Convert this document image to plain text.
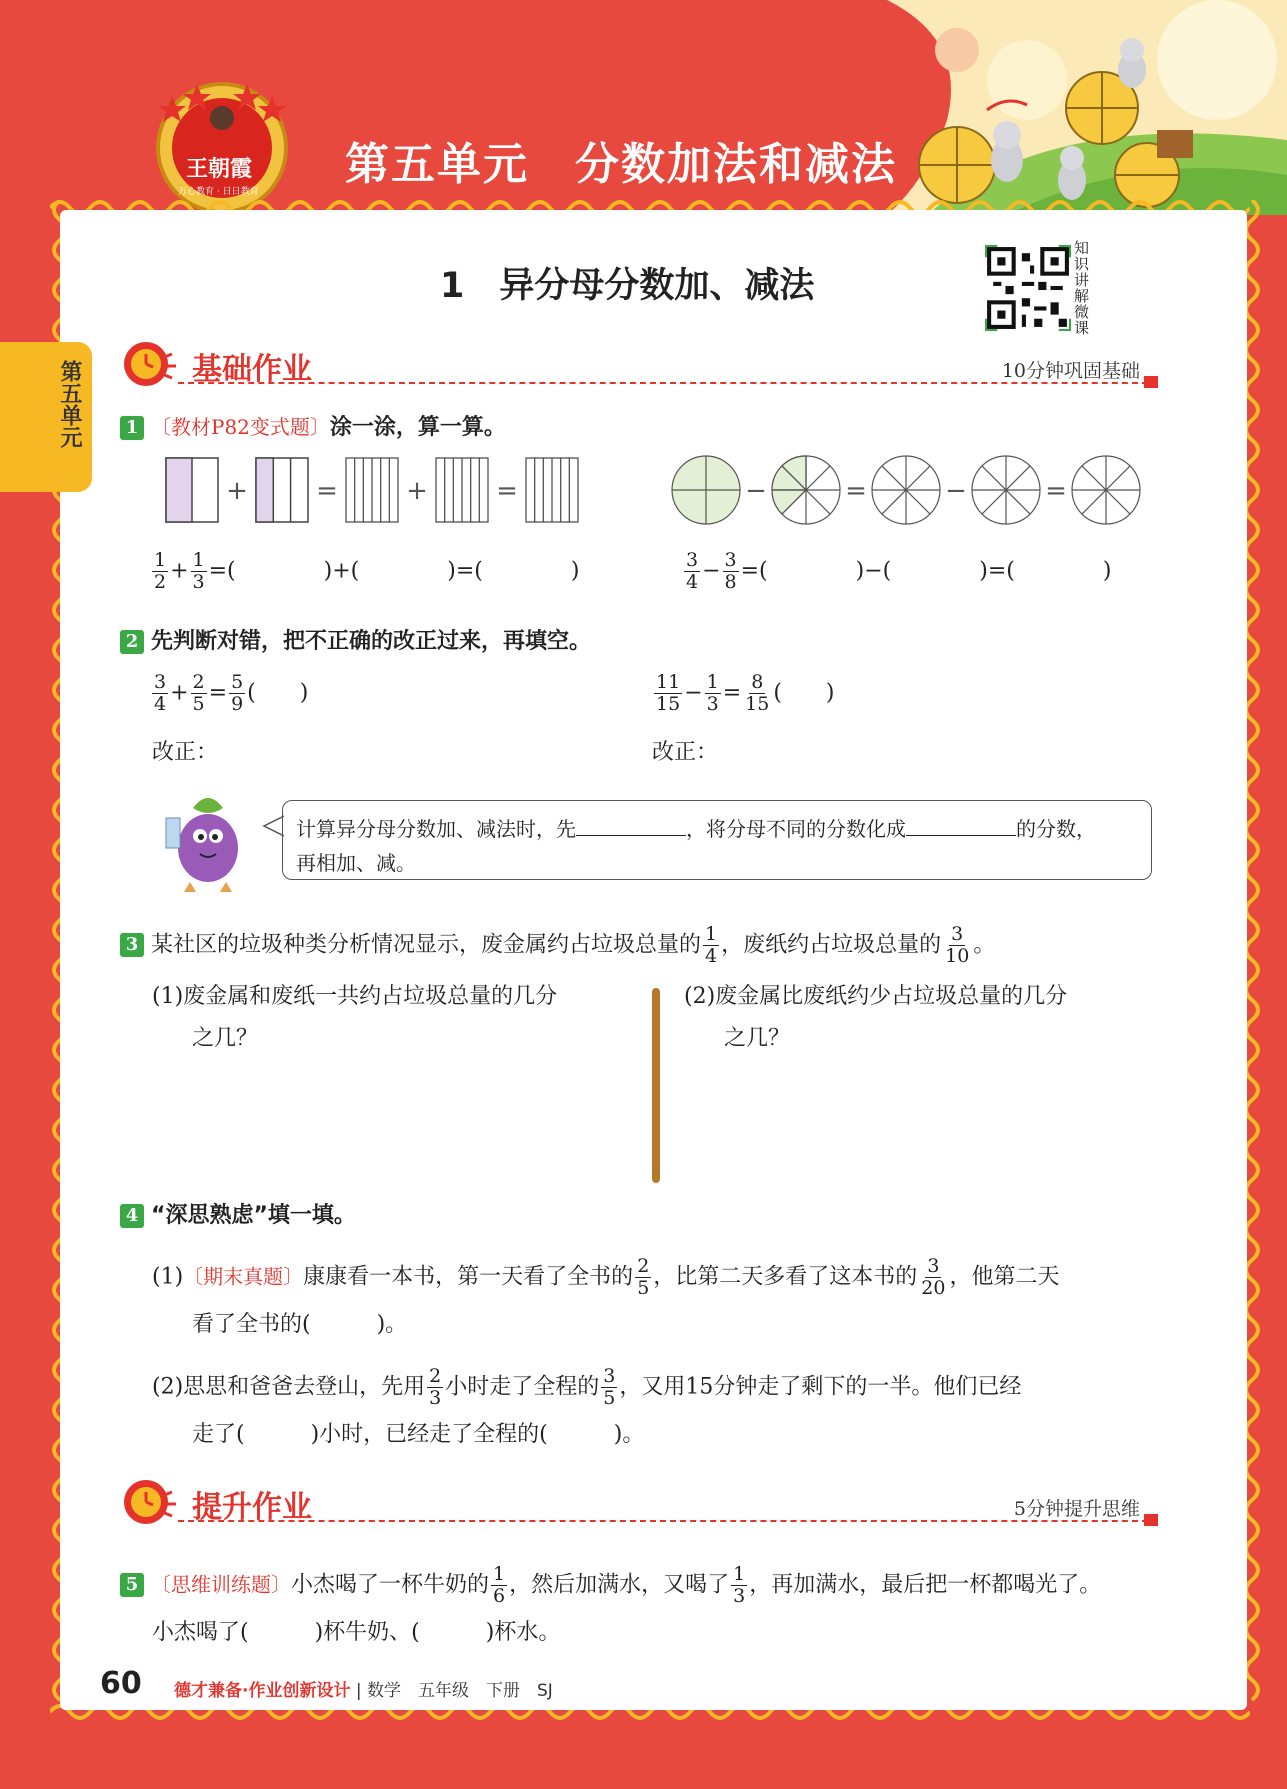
王朝霞
万心教育 · 日日教育
第五单元　分数加法和减法
第五单元
1　异分母分数加、减法
知识讲解微课
基础作业	10分钟巩固基础
1 〔教材P82变式题〕涂一涂，算一算。
+	=	+	=	−	=	−	=
$\frac{1}{2} + \frac{1}{3}$ =(　　　　)+(　　　　)=(　　　　)	$\frac{3}{4} - \frac{3}{8}$ =(　　　　)−(　　　　)=(　　　　)
2 先判断对错，把不正确的改正过来，再填空。
$\frac{3}{4} + \frac{2}{5} = \frac{5}{9}$ (　　)	$\frac{11}{15} - \frac{1}{3} = \frac{8}{15}$ (　　)
改正：	改正：
计算异分母分数加、减法时，先	，将分母不同的分数化成	的分数，
再相加、减。
3 某社区的垃圾种类分析情况显示，废金属约占垃圾总量的 $\frac{1}{4}$ ，废纸约占垃圾总量的 $\frac{3}{10}$ 。
(1)废金属和废纸一共约占垃圾总量的几分
之几？
(2)废金属比废纸约少占垃圾总量的几分
之几？
4 “深思熟虑”填一填。
(1)〔期末真题〕康康看一本书，第一天看了全书的 $\frac{2}{5}$ ，比第二天多看了这本书的 $\frac{3}{20}$ ，他第二天
看了全书的(　　　)。
(2)思思和爸爸去登山，先用 $\frac{2}{3}$ 小时走了全程的 $\frac{3}{5}$ ，又用15分钟走了剩下的一半。他们已经
走了(　　　)小时，已经走了全程的(　　　)。
提升作业	5分钟提升思维
5 〔思维训练题〕小杰喝了一杯牛奶的 $\frac{1}{6}$ ，然后加满水，又喝了 $\frac{1}{3}$ ，再加满水，最后把一杯都喝光了。
小杰喝了(　　　)杯牛奶、(　　　)杯水。
60 德才兼备·作业创新设计 | 数学　五年级　下册　SJ
